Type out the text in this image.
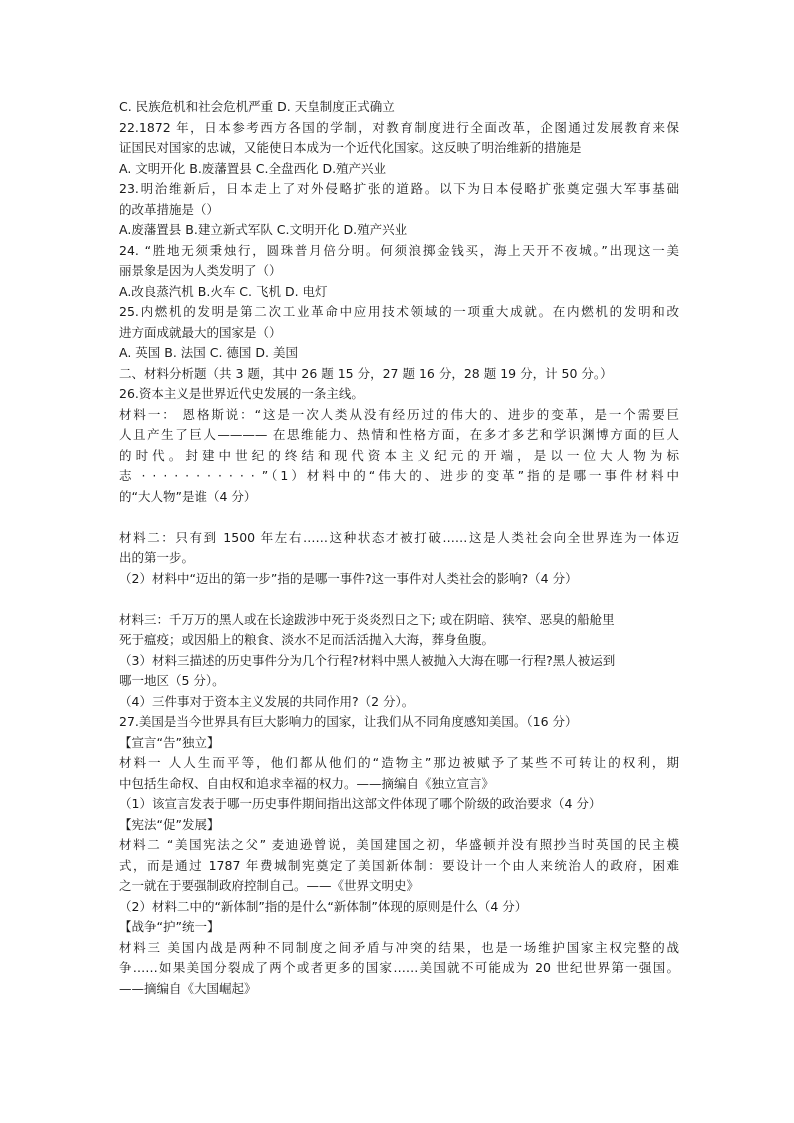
C. 民族危机和社会危机严重 D. 天皇制度正式确立
22.1872 年，日本参考西方各国的学制，对教育制度进行全面改革，企图通过发展教育来保
证国民对国家的忠诚，又能使日本成为一个近代化国家。这反映了明治维新的措施是
A. 文明开化 B.废藩置县 C.全盘西化 D.殖产兴业
23.明治维新后，日本走上了对外侵略扩张的道路。以下为日本侵略扩张奠定强大军事基础
的改革措施是（）
A.废藩置县 B.建立新式军队 C.文明开化 D.殖产兴业
24. “胜地无须秉烛行，圆珠普月倍分明。何须浪掷金钱买，海上天开不夜城。”出现这一美
丽景象是因为人类发明了（）
A.改良蒸汽机 B.火车 C. 飞机 D. 电灯
25.内燃机的发明是第二次工业革命中应用技术领域的一项重大成就。在内燃机的发明和改
进方面成就最大的国家是（）
A. 英国 B. 法国 C. 德国 D. 美国
二、材料分析题（共 3 题，其中 26 题 15 分，27 题 16 分，28 题 19 分，计 50 分。）
26.资本主义是世界近代史发展的一条主线。
材料一： 恩格斯说：“这是一次人类从没有经历过的伟大的、进步的变革，是一个需要巨
人且产生了巨人———— 在思维能力、热情和性格方面，在多才多艺和学识渊博方面的巨人
的时代。封建中世纪的终结和现代资本主义纪元的开端，是以一位大人物为标
志 · · · · · · · · · · · ”（1）材料中的“伟大的、进步的变革”指的是哪一事件材料中
的“大人物”是谁（4 分）
材料二：只有到 1500 年左右……这种状态才被打破……这是人类社会向全世界连为一体迈
出的第一步。
（2）材料中“迈出的第一步”指的是哪一事件?这一事件对人类社会的影响?（4 分）
材料三：千万万的黑人或在长途跋涉中死于炎炎烈日之下; 或在阴暗、狭窄、恶臭的船舱里
死于瘟疫；或因船上的粮食、淡水不足而活活抛入大海，葬身鱼腹。
（3）材料三描述的历史事件分为几个行程?材料中黑人被抛入大海在哪一行程?黑人被运到
哪一地区（5 分）。
（4）三件事对于资本主义发展的共同作用?（2 分）。
27.美国是当今世界具有巨大影响力的国家，让我们从不同角度感知美国。（16 分）
【宣言“告”独立】
材料一 人人生而平等，他们都从他们的“造物主”那边被赋予了某些不可转让的权利，期
中包括生命权、自由权和追求幸福的权力。——摘编自《独立宣言》
（1）该宣言发表于哪一历史事件期间指出这部文件体现了哪个阶级的政治要求（4 分）
【宪法“促”发展】
材料二 “美国宪法之父” 麦迪逊曾说，美国建国之初，华盛顿并没有照抄当时英国的民主模
式，而是通过 1787 年费城制宪奠定了美国新体制：要设计一个由人来统治人的政府，困难
之一就在于要强制政府控制自己。——《世界文明史》
（2）材料二中的“新体制”指的是什么“新体制”体现的原则是什么（4 分）
【战争“护”统一】
材料三 美国内战是两种不同制度之间矛盾与冲突的结果，也是一场维护国家主权完整的战
争……如果美国分裂成了两个或者更多的国家……美国就不可能成为 20 世纪世界第一强国。
——摘编自《大国崛起》
